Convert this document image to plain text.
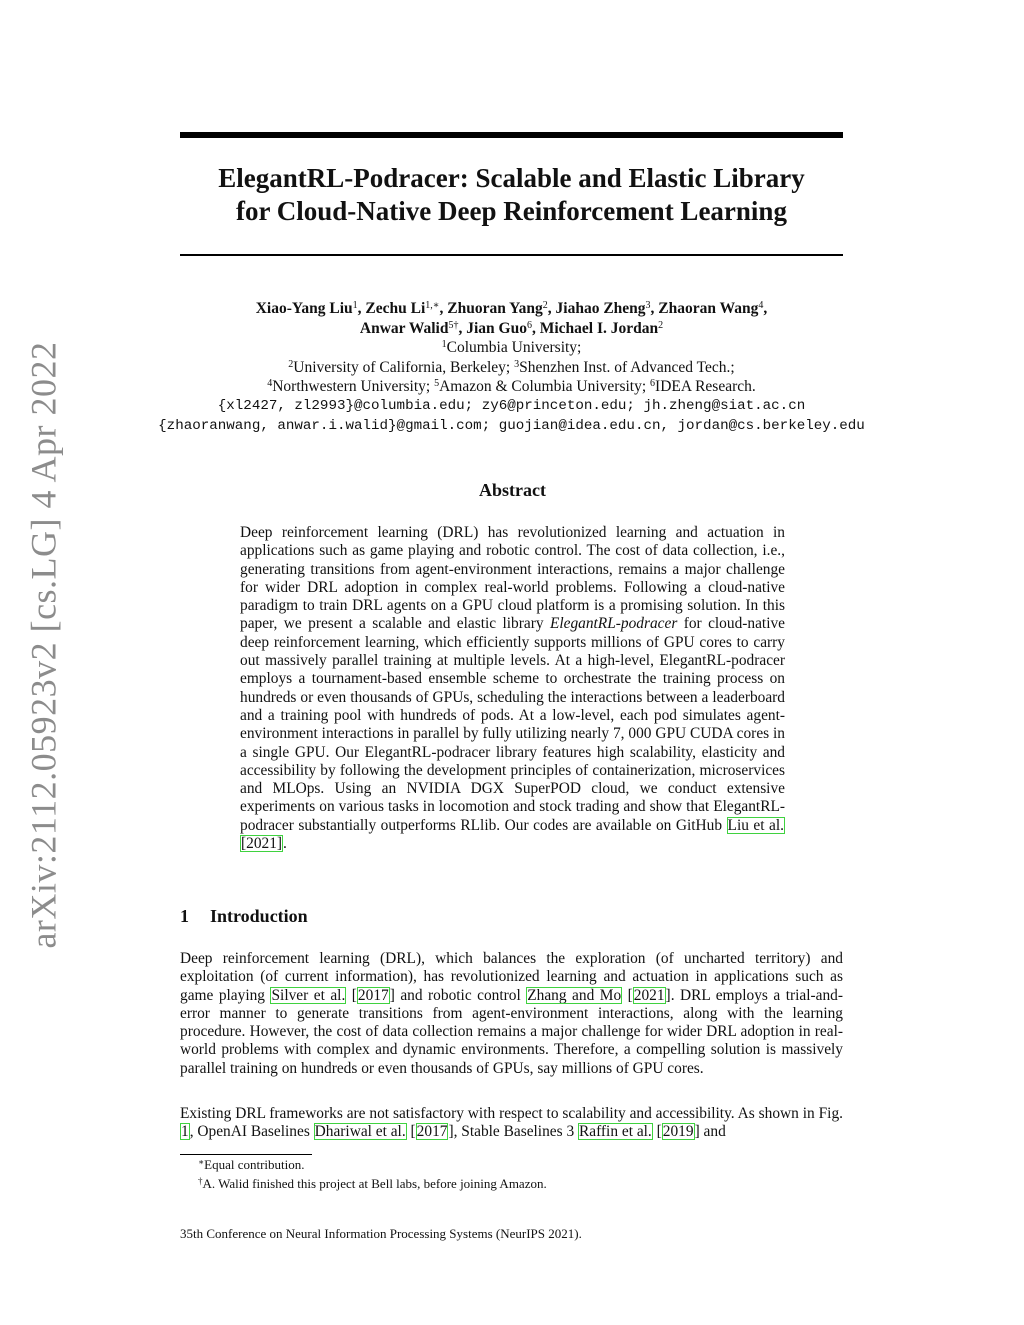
arXiv:2112.05923v2 [cs.LG] 4 Apr 2022
ElegantRL-Podracer: Scalable and Elastic Library
for Cloud-Native Deep Reinforcement Learning
Xiao-Yang Liu$^1$, Zechu $Li^{1,∗}$, Zhuoran Yang$^2$, Jiahao Zheng$^3$, Zhaoran Wang$^4$,
Anwar Walid$^{5\dagger}$, Jian Guo$^6$, Michael I. Jordan$^2$
$^1$Columbia University;
$^2$University of California, Berkeley; $^3$Shenzhen Inst. of Advanced Tech.;
$^4$Northwestern University; $^5$Amazon & Columbia University; $^6$IDEA Research.
{xl2427, zl2993}@columbia.edu; zy6@princeton.edu; jh.zheng@siat.ac.cn
{zhaoranwang, anwar.i.walid}@gmail.com; guojian@idea.edu.cn, jordan@cs.berkeley.edu
Abstract
Deep reinforcement learning (DRL) has revolutionized learning and actuation in applications such as game playing and robotic control. The cost of data collection, i.e., generating transitions from agent-environment interactions, remains a major challenge for wider DRL adoption in complex real-world problems. Following a cloud-native paradigm to train DRL agents on a GPU cloud platform is a promising solution. In this paper, we present a scalable and elastic library ElegantRL-podracer for cloud-native deep reinforcement learning, which efficiently supports millions of GPU cores to carry out massively parallel training at multiple levels. At a high-level, ElegantRL-podracer employs a tournament-based ensemble scheme to orchestrate the training process on hundreds or even thousands of GPUs, scheduling the interactions between a leaderboard and a training pool with hundreds of pods. At a low-level, each pod simulates agent-environment interactions in parallel by fully utilizing nearly 7, 000 GPU CUDA cores in a single GPU. Our ElegantRL-podracer library features high scalability, elasticity and accessibility by following the development principles of containerization, microservices and MLOps. Using an NVIDIA DGX SuperPOD cloud, we conduct extensive experiments on various tasks in locomotion and stock trading and show that ElegantRL-podracer substantially outperforms RLlib. Our codes are available on GitHub Liu et al. [2021].
1 Introduction
Deep reinforcement learning (DRL), which balances the exploration (of uncharted territory) and exploitation (of current information), has revolutionized learning and actuation in applications such as game playing Silver et al. [2017] and robotic control Zhang and Mo [2021]. DRL employs a trial-and-error manner to generate transitions from agent-environment interactions, along with the learning procedure. However, the cost of data collection remains a major challenge for wider DRL adoption in real-world problems with complex and dynamic environments. Therefore, a compelling solution is massively parallel training on hundreds or even thousands of GPUs, say millions of GPU cores.
Existing DRL frameworks are not satisfactory with respect to scalability and accessibility. As shown in Fig. 1, OpenAI Baselines Dhariwal et al. [2017], Stable Baselines 3 Raffin et al. [2019] and
∗Equal contribution.
†A. Walid finished this project at Bell labs, before joining Amazon.
35th Conference on Neural Information Processing Systems (NeurIPS 2021).
